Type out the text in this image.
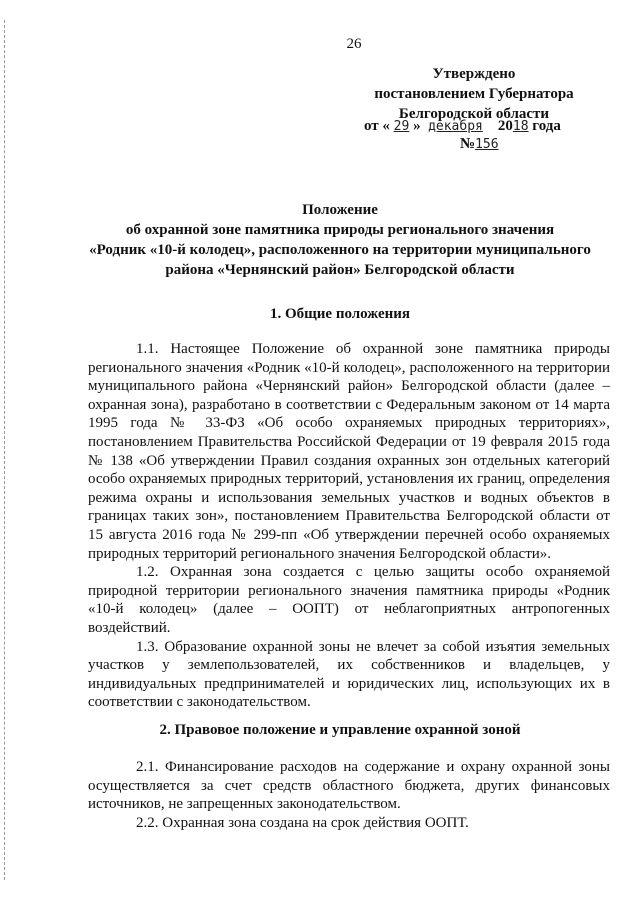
26
Утверждено
постановлением Губернатора
Белгородской области
от « 29 » декабря 2018 года
№156
Положение
об охранной зоне памятника природы регионального значения
«Родник «10-й колодец», расположенного на территории муниципального
района «Чернянский район» Белгородской области
1. Общие положения

1.1. Настоящее Положение об охранной зоне памятника природы регионального значения «Родник «10-й колодец», расположенного на территории муниципального района «Чернянский район» Белгородской области (далее – охранная зона), разработано в соответствии с Федеральным законом от 14 марта 1995 года № 33-ФЗ «Об особо охраняемых природных территориях», постановлением Правительства Российской Федерации от 19 февраля 2015 года № 138 «Об утверждении Правил создания охранных зон отдельных категорий особо охраняемых природных территорий, установления их границ, определения режима охраны и использования земельных участков и водных объектов в границах таких зон», постановлением Правительства Белгородской области от 15 августа 2016 года № 299-пп «Об утверждении перечней особо охраняемых природных территорий регионального значения Белгородской области».

1.2. Охранная зона создается с целью защиты особо охраняемой природной территории регионального значения памятника природы «Родник «10-й колодец» (далее – ООПТ) от неблагоприятных антропогенных воздействий.

1.3. Образование охранной зоны не влечет за собой изъятия земельных участков у землепользователей, их собственников и владельцев, у индивидуальных предпринимателей и юридических лиц, использующих их в соответствии с законодательством.

2. Правовое положение и управление охранной зоной

2.1. Финансирование расходов на содержание и охрану охранной зоны осуществляется за счет средств областного бюджета, других финансовых источников, не запрещенных законодательством.

2.2. Охранная зона создана на срок действия ООПТ.
